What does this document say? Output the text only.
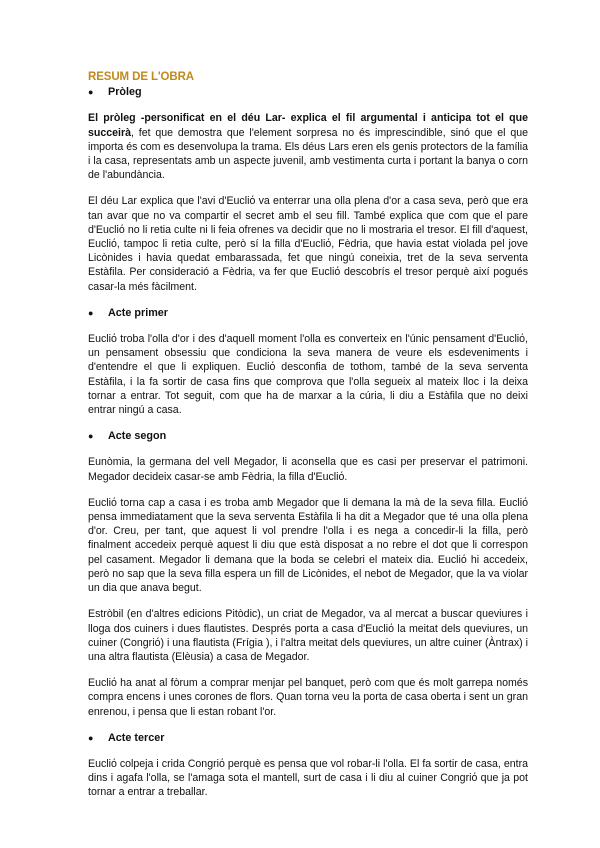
RESUM DE L'OBRA
●	Pròleg

El pròleg -personificat en el déu Lar- explica el fil argumental i anticipa tot el que succeirà, fet que demostra que l'element sorpresa no és imprescindible, sinó que el que importa és com es desenvolupa la trama. Els déus Lars eren els genis protectors de la família i la casa, representats amb un aspecte juvenil, amb vestimenta curta i portant la banya o corn de l'abundància.

El déu Lar explica que l'avi d'Eucliό va enterrar una olla plena d'or a casa seva, però que era tan avar que no va compartir el secret amb el seu fill. També explica que com que el pare d'Eucliό no li retia culte ni li feia ofrenes va decidir que no li mostraria el tresor. El fill d'aquest, Eucliό, tampoc li retia culte, però sí la filla d'Eucliό, Fèdria, que havia estat violada pel jove Licònides i havia quedat embarassada, fet que ningú coneixia, tret de la seva serventa Estàfila. Per consideració a Fèdria, va fer que Eucliό descobrís el tresor perquè així pogués casar-la més fàcilment.

●	Acte primer

Eucliό troba l'olla d'or i des d'aquell moment l'olla es converteix en l'únic pensament d'Eucliό, un pensament obsessiu que condiciona la seva manera de veure els esdeveniments i d'entendre el que li expliquen. Eucliό desconfia de tothom, també de la seva serventa Estàfila, i la fa sortir de casa fins que comprova que l'olla segueix al mateix lloc i la deixa tornar a entrar. Tot seguit, com que ha de marxar a la cúria, li diu a Estàfila que no deixi entrar ningú a casa.

●	Acte segon

Eunòmia, la germana del vell Megador, li aconsella que es casi per preservar el patrimoni. Megador decideix casar-se amb Fèdria, la filla d'Eucliό.

Eucliό torna cap a casa i es troba amb Megador que li demana la mà de la seva filla. Eucliό pensa immediatament que la seva serventa Estàfila li ha dit a Megador que té una olla plena d'or. Creu, per tant, que aquest li vol prendre l'olla i es nega a concedir-li la filla, però finalment accedeix perquè aquest li diu que està disposat a no rebre el dot que li correspon pel casament. Megador li demana que la boda se celebri el mateix dia. Eucliό hi accedeix, però no sap que la seva filla espera un fill de Licònides, el nebot de Megador, que la va violar un dia que anava begut.

Estròbil (en d'altres edicions Pitòdic), un criat de Megador, va al mercat a buscar queviures i lloga dos cuiners i dues flautistes. Després porta a casa d'Eucliό la meitat dels queviures, un cuiner (Congriό) i una flautista (Frígia ), i l'altra meitat dels queviures, un altre cuiner (Àntrax) i una altra flautista (Elèusia) a casa de Megador.

Eucliό ha anat al fòrum a comprar menjar pel banquet, però com que és molt garrepa només compra encens i unes corones de flors. Quan torna veu la porta de casa oberta i sent un gran enrenou, i pensa que li estan robant l'or.

●	Acte tercer

Eucliό colpeja i crida Congriό perquè es pensa que vol robar-li l'olla. El fa sortir de casa, entra dins i agafa l'olla, se l'amaga sota el mantell, surt de casa i li diu al cuiner Congriό que ja pot tornar a entrar a treballar.
